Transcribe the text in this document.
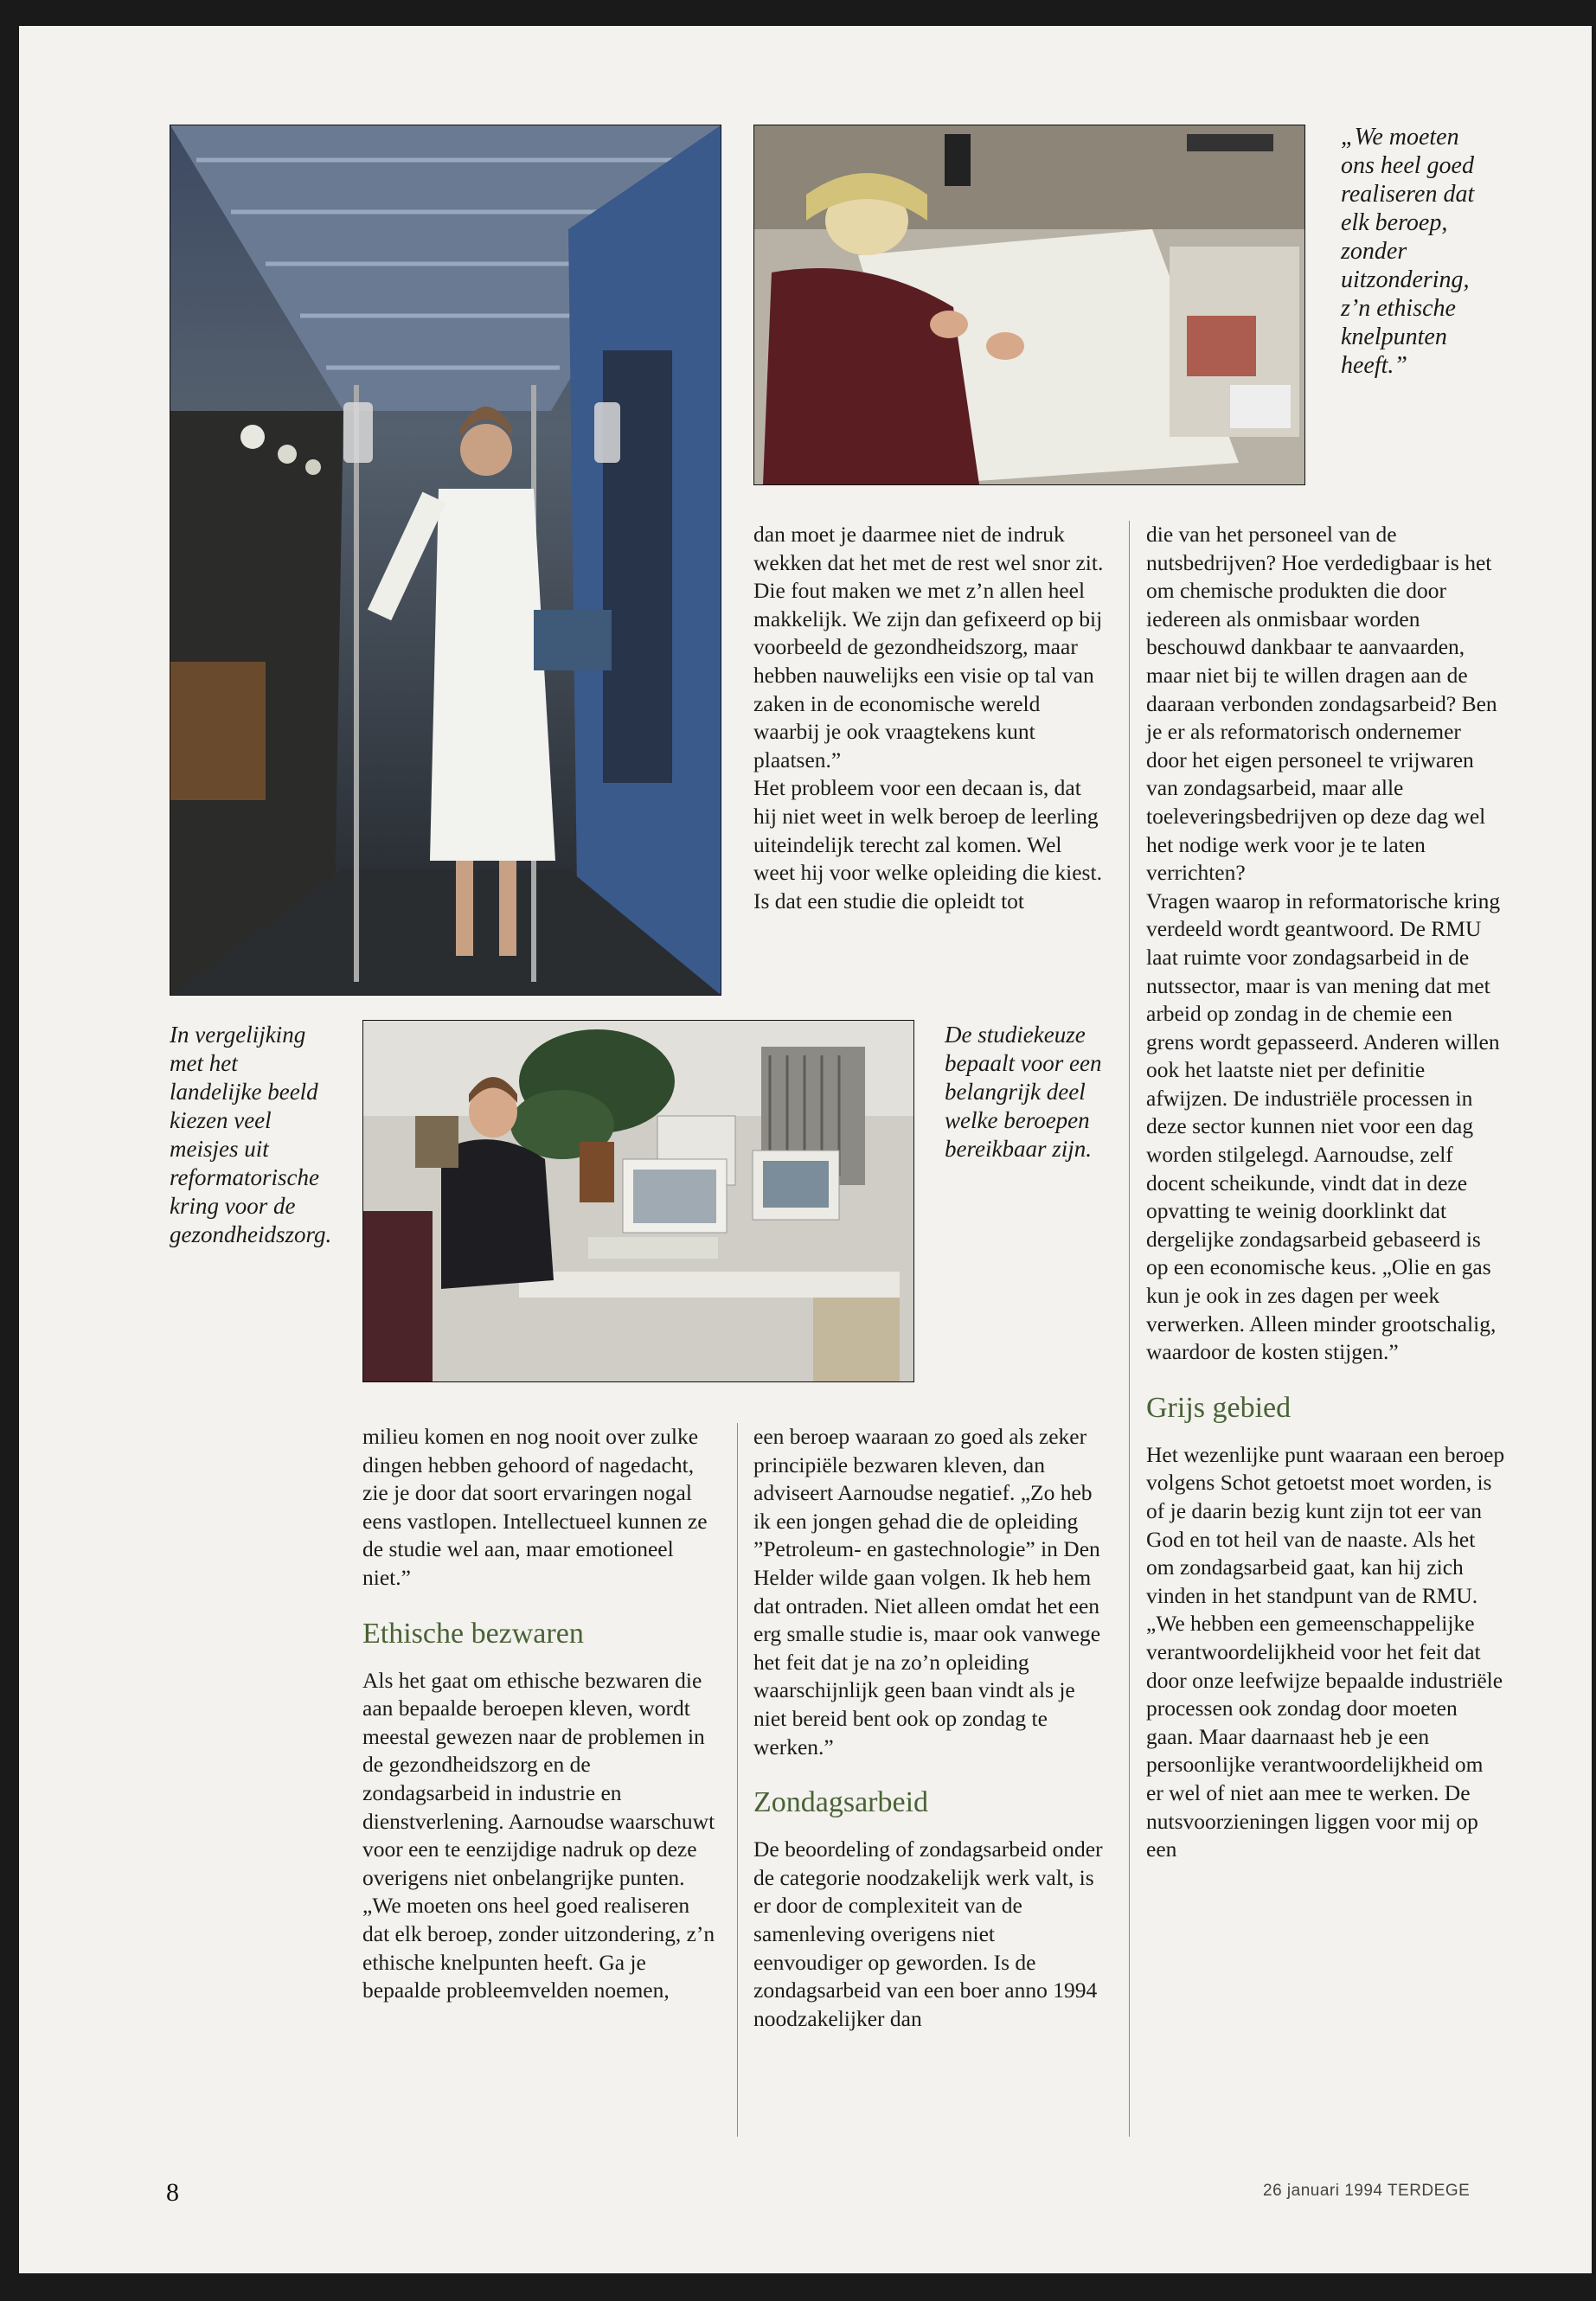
„We moeten ons heel goed realiseren dat elk beroep, zonder uitzondering, z’n ethische knelpunten heeft.”
In vergelijking met het landelijke beeld kiezen veel meisjes uit reformatorische kring voor de gezondheidszorg.
De studiekeuze bepaalt voor een belangrijk deel welke beroepen bereikbaar zijn.

dan moet je daarmee niet de indruk wekken dat het met de rest wel snor zit. Die fout maken we met z’n allen heel makkelijk. We zijn dan gefixeerd op bij voorbeeld de gezondheidszorg, maar hebben nauwelijks een visie op tal van zaken in de economische wereld waarbij je ook vraagtekens kunt plaatsen.”

Het probleem voor een decaan is, dat hij niet weet in welk beroep de leerling uiteindelijk terecht zal komen. Wel weet hij voor welke opleiding die kiest. Is dat een studie die opleidt tot

die van het personeel van de nutsbedrijven? Hoe verdedigbaar is het om chemische produkten die door iedereen als onmisbaar worden beschouwd dankbaar te aanvaarden, maar niet bij te willen dragen aan de daaraan verbonden zondagsarbeid? Ben je er als reformatorisch ondernemer door het eigen personeel te vrijwaren van zondagsarbeid, maar alle toeleveringsbedrijven op deze dag wel het nodige werk voor je te laten verrichten?

Vragen waarop in reformatorische kring verdeeld wordt geantwoord. De RMU laat ruimte voor zondagsarbeid in de nutssector, maar is van mening dat met arbeid op zondag in de chemie een grens wordt gepasseerd. Anderen willen ook het laatste niet per definitie afwijzen. De industriële processen in deze sector kunnen niet voor een dag worden stilgelegd. Aarnoudse, zelf docent scheikunde, vindt dat in deze opvatting te weinig doorklinkt dat dergelijke zondagsarbeid gebaseerd is op een economische keus. „Olie en gas kun je ook in zes dagen per week verwerken. Alleen minder grootschalig, waardoor de kosten stijgen.”

Grijs gebied

Het wezenlijke punt waaraan een beroep volgens Schot getoetst moet worden, is of je daarin bezig kunt zijn tot eer van God en tot heil van de naaste. Als het om zondagsarbeid gaat, kan hij zich vinden in het standpunt van de RMU.

„We hebben een gemeenschappelijke verantwoordelijkheid voor het feit dat door onze leefwijze bepaalde industriële processen ook zondag door moeten gaan. Maar daarnaast heb je een persoonlijke verantwoordelijkheid om er wel of niet aan mee te werken. De nutsvoorzieningen liggen voor mij op een

milieu komen en nog nooit over zulke dingen hebben gehoord of nagedacht, zie je door dat soort ervaringen nogal eens vastlopen. Intellectueel kunnen ze de studie wel aan, maar emotioneel niet.”

Ethische bezwaren

Als het gaat om ethische bezwaren die aan bepaalde beroepen kleven, wordt meestal gewezen naar de problemen in de gezondheidszorg en de zondagsarbeid in industrie en dienstverlening. Aarnoudse waarschuwt voor een te eenzijdige nadruk op deze overigens niet onbelangrijke punten.

„We moeten ons heel goed realiseren dat elk beroep, zonder uitzondering, z’n ethische knelpunten heeft. Ga je bepaalde probleemvelden noemen,

een beroep waaraan zo goed als zeker principiële bezwaren kleven, dan adviseert Aarnoudse negatief. „Zo heb ik een jongen gehad die de opleiding ”Petroleum- en gastechnologie” in Den Helder wilde gaan volgen. Ik heb hem dat ontraden. Niet alleen omdat het een erg smalle studie is, maar ook vanwege het feit dat je na zo’n opleiding waarschijnlijk geen baan vindt als je niet bereid bent ook op zondag te werken.”

Zondagsarbeid

De beoordeling of zondagsarbeid onder de categorie noodzakelijk werk valt, is er door de complexiteit van de samenleving overigens niet eenvoudiger op geworden. Is de zondagsarbeid van een boer anno 1994 noodzakelijker dan

8	26 januari 1994 TERDEGE
